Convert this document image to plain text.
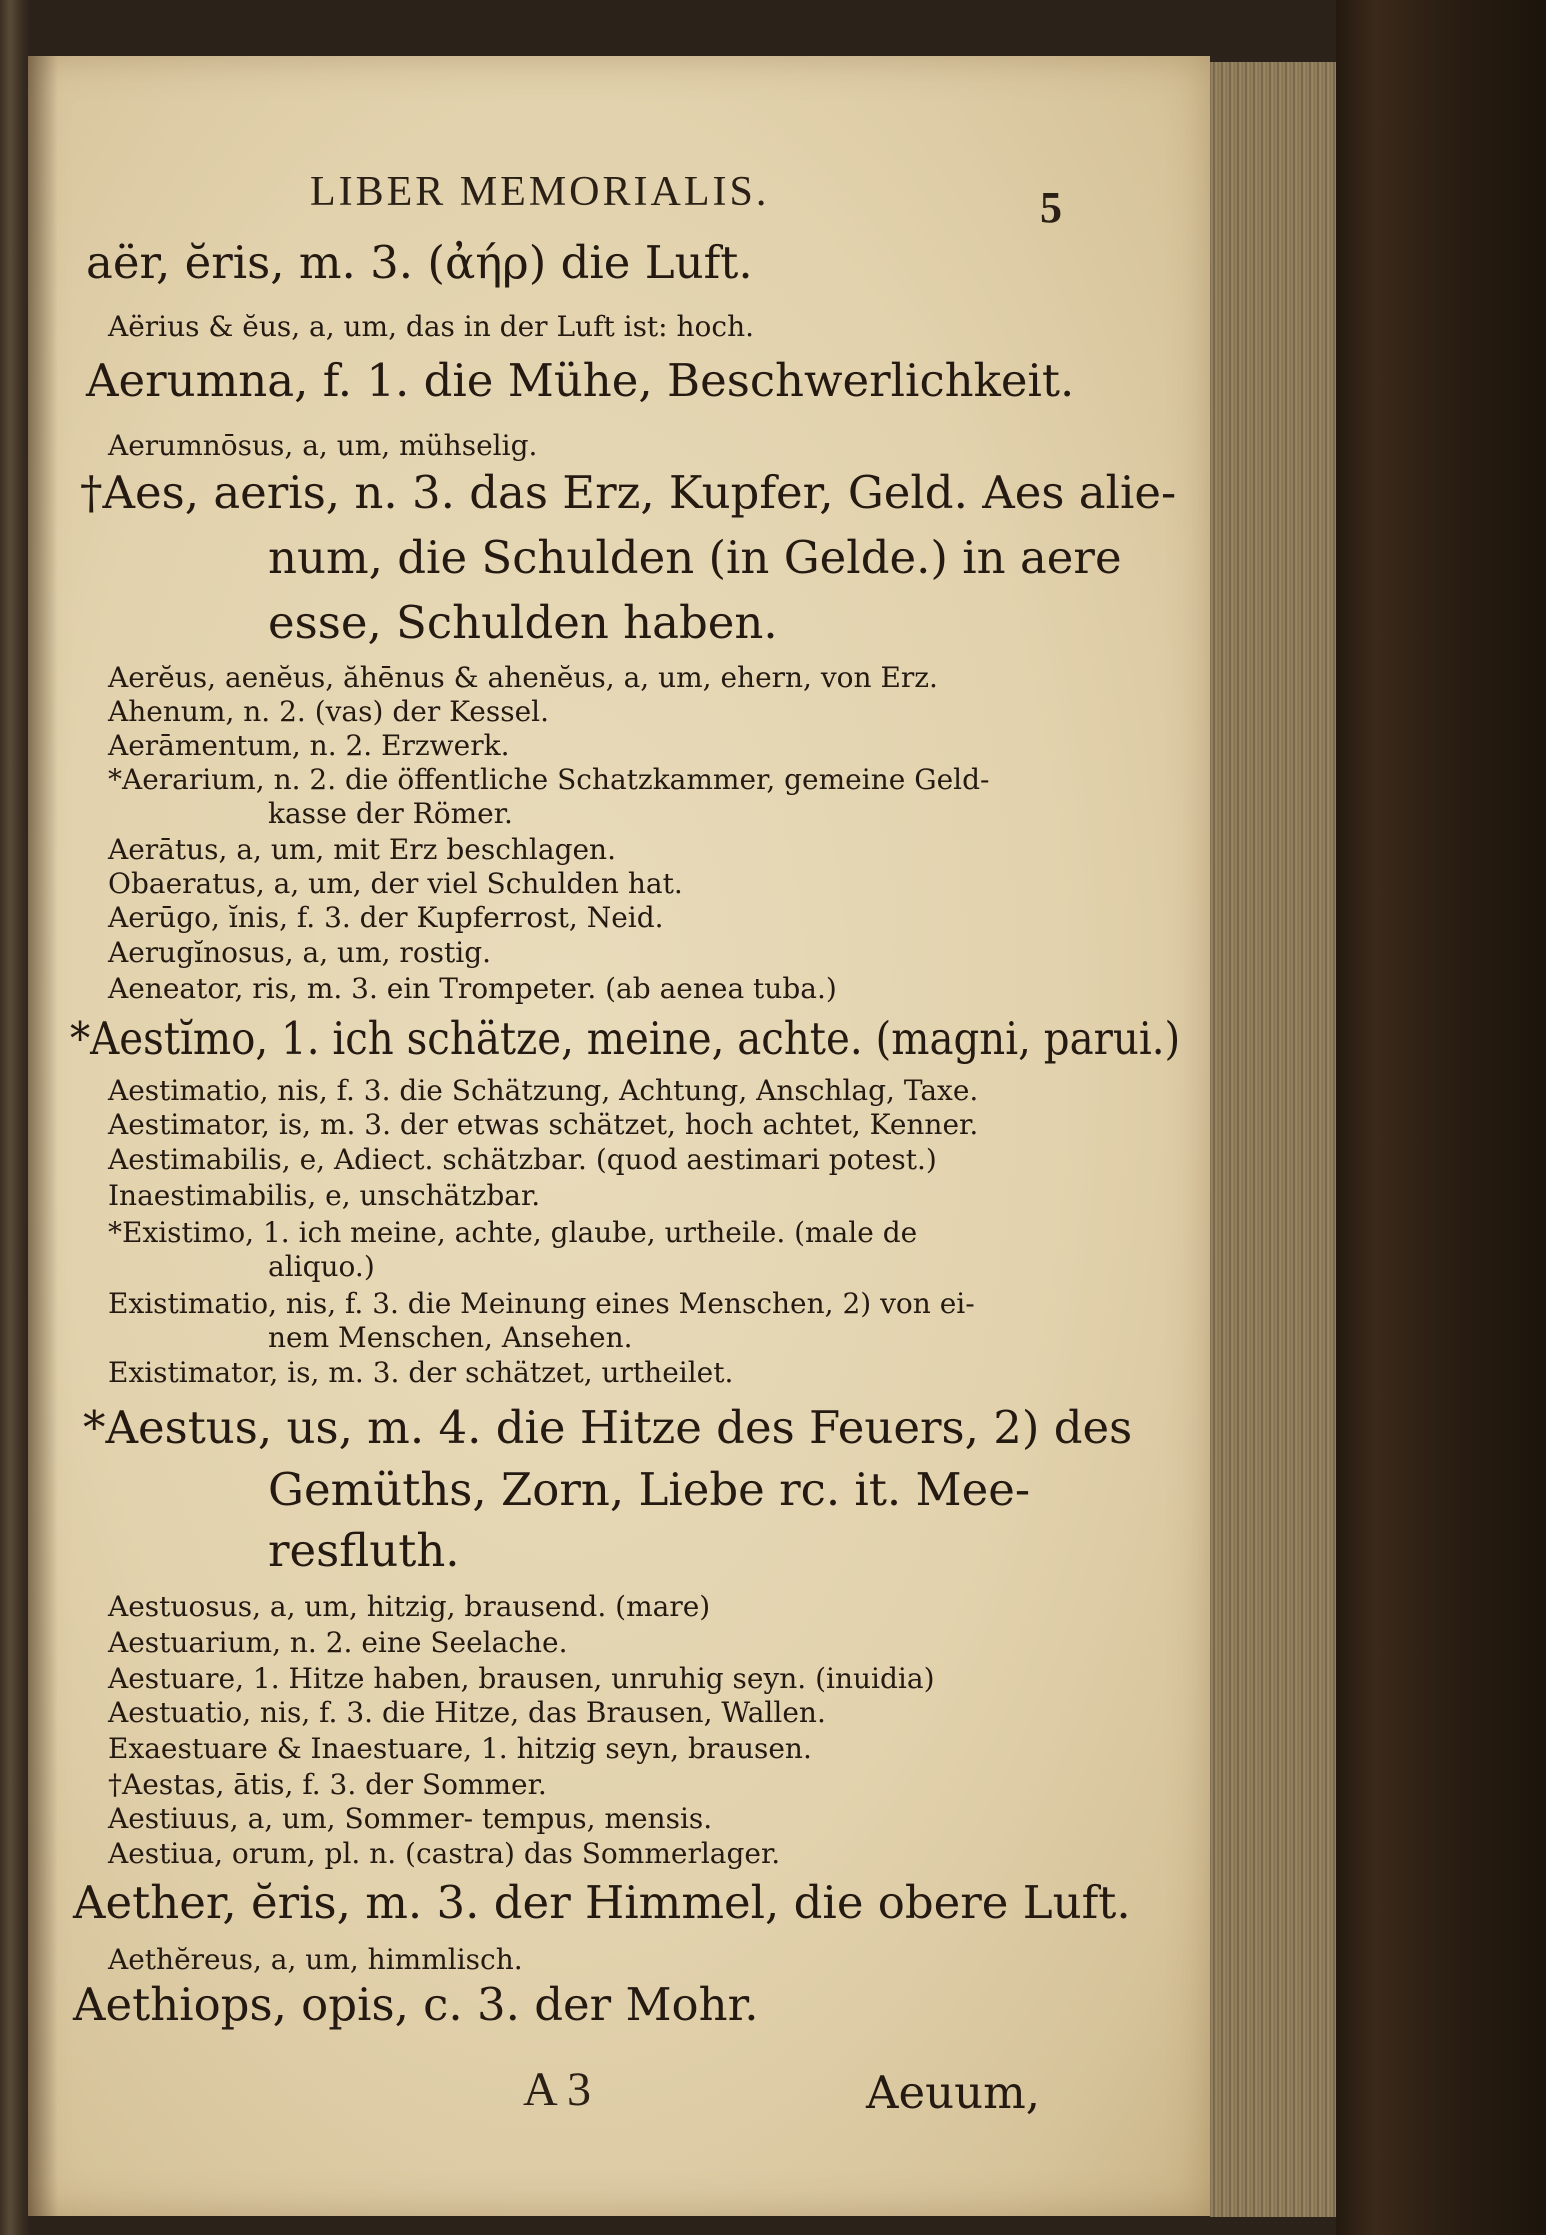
LIBER MEMORIALIS.	5
aër, ĕris, m. 3. (ἀήρ) die Luft.
Aërius & ĕus, a, um, das in der Luft ist: hoch.
Aerumna, f. 1. die Mühe, Beschwerlichkeit.
Aerumnōsus, a, um, mühselig.
†Aes, aeris, n. 3. das Erz, Kupfer, Geld. Aes alie-
num, die Schulden (in Gelde.) in aere
esse, Schulden haben.
Aerĕus, aenĕus, ăhēnus & ahenĕus, a, um, ehern, von Erz.
Ahenum, n. 2. (vas) der Kessel.
Aerāmentum, n. 2. Erzwerk.
*Aerarium, n. 2. die öffentliche Schatzkammer, gemeine Geld-
kasse der Römer.
Aerātus, a, um, mit Erz beschlagen.
Obaeratus, a, um, der viel Schulden hat.
Aerūgo, ĭnis, f. 3. der Kupferrost, Neid.
Aerugĭnosus, a, um, rostig.
Aeneator, ris, m. 3. ein Trompeter. (ab aenea tuba.)
*Aestĭmo, 1. ich schätze, meine, achte. (magni, parui.)
Aestimatio, nis, f. 3. die Schätzung, Achtung, Anschlag, Taxe.
Aestimator, is, m. 3. der etwas schätzet, hoch achtet, Kenner.
Aestimabilis, e, Adiect. schätzbar. (quod aestimari potest.)
Inaestimabilis, e, unschätzbar.
*Existimo, 1. ich meine, achte, glaube, urtheile. (male de
aliquo.)
Existimatio, nis, f. 3. die Meinung eines Menschen, 2) von ei-
nem Menschen, Ansehen.
Existimator, is, m. 3. der schätzet, urtheilet.
*Aestus, us, m. 4. die Hitze des Feuers, 2) des
Gemüths, Zorn, Liebe rc. it. Mee-
resfluth.
Aestuosus, a, um, hitzig, brausend. (mare)
Aestuarium, n. 2. eine Seelache.
Aestuare, 1. Hitze haben, brausen, unruhig seyn. (inuidia)
Aestuatio, nis, f. 3. die Hitze, das Brausen, Wallen.
Exaestuare & Inaestuare, 1. hitzig seyn, brausen.
†Aestas, ātis, f. 3. der Sommer.
Aestiuus, a, um, Sommer- tempus, mensis.
Aestiua, orum, pl. n. (castra) das Sommerlager.
Aether, ĕris, m. 3. der Himmel, die obere Luft.
Aethĕreus, a, um, himmlisch.
Aethiops, opis, c. 3. der Mohr.
A 3	Aeuum,
